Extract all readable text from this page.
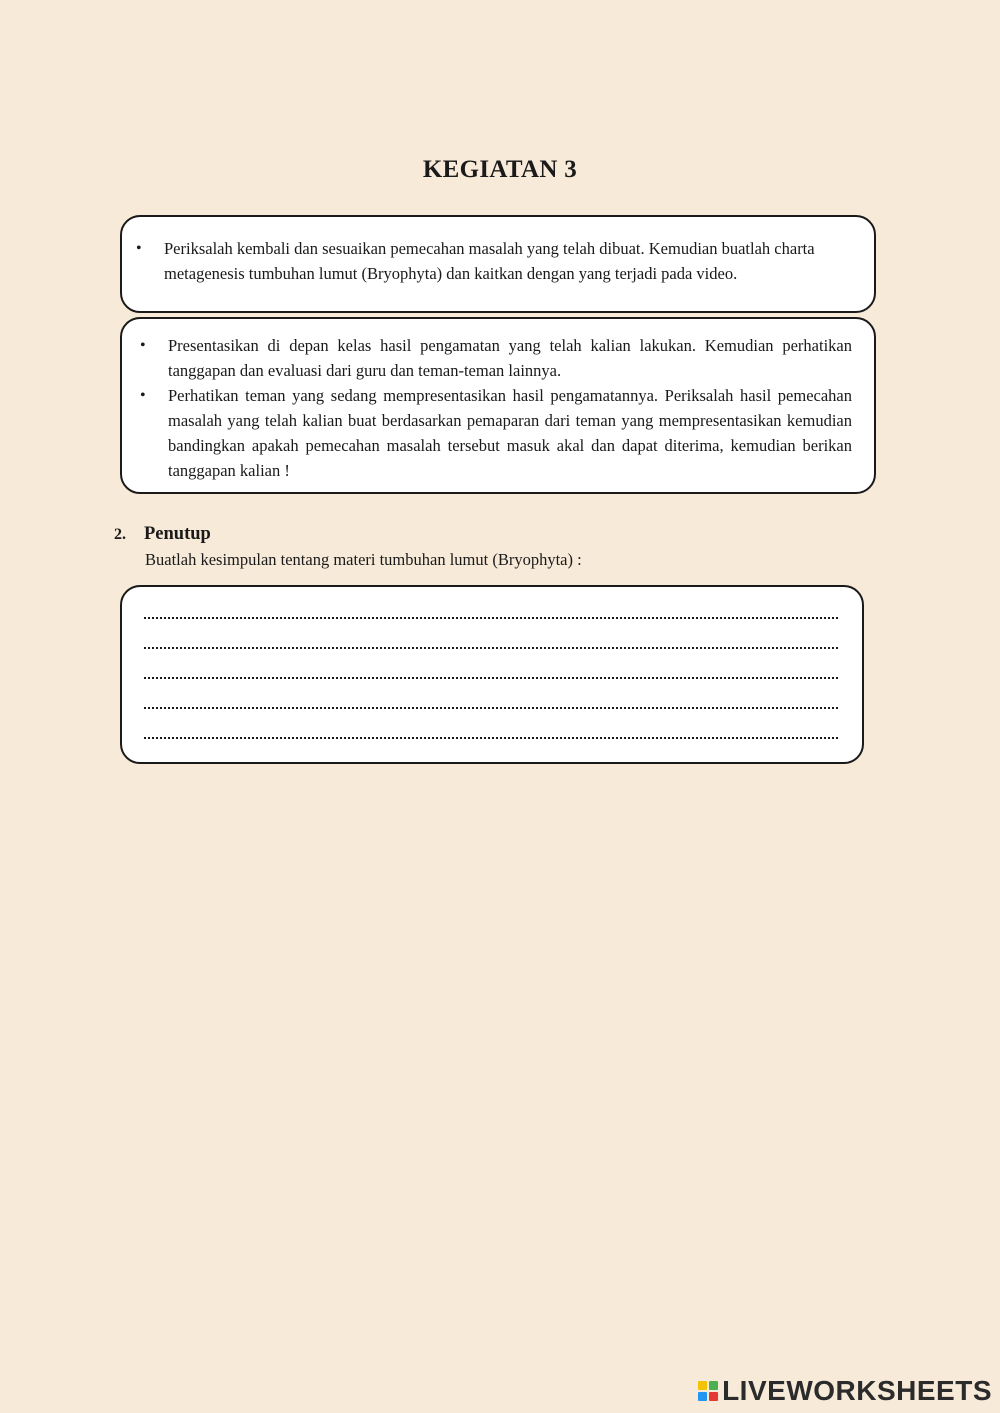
KEGIATAN 3
• Periksalah kembali dan sesuaikan pemecahan masalah yang telah dibuat. Kemudian buatlah charta metagenesis tumbuhan lumut (Bryophyta) dan kaitkan dengan yang terjadi pada video.
• Presentasikan di depan kelas hasil pengamatan yang telah kalian lakukan. Kemudian perhatikan tanggapan dan evaluasi dari guru dan teman-teman lainnya.
• Perhatikan teman yang sedang mempresentasikan hasil pengamatannya. Periksalah hasil pemecahan masalah yang telah kalian buat berdasarkan pemaparan dari teman yang mempresentasikan kemudian bandingkan apakah pemecahan masalah tersebut masuk akal dan dapat diterima, kemudian berikan tanggapan kalian !
2. Penutup
Buatlah kesimpulan tentang materi tumbuhan lumut (Bryophyta) :
LIVEWORKSHEETS
